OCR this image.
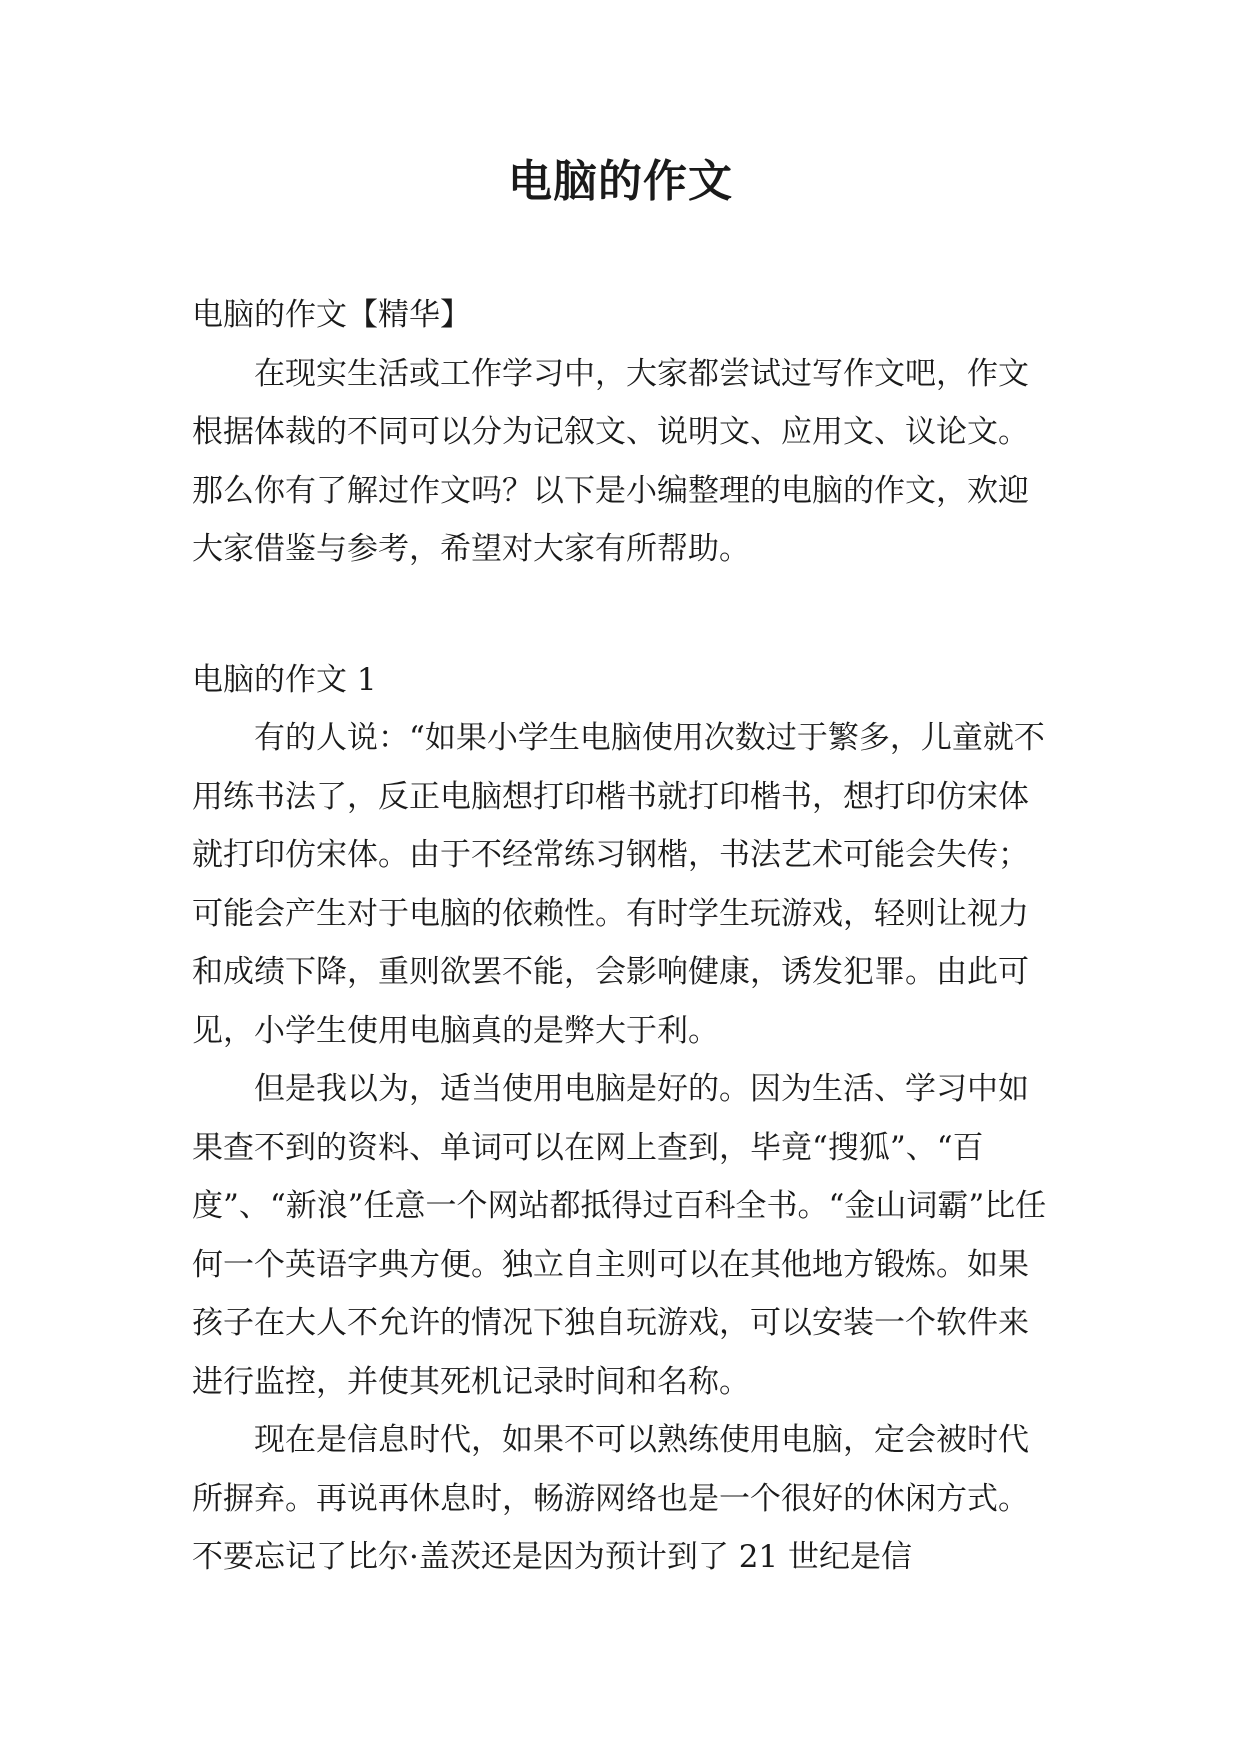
电脑的作文

电脑的作文【精华】

在现实生活或工作学习中，大家都尝试过写作文吧，作文根据体裁的不同可以分为记叙文、说明文、应用文、议论文。那么你有了解过作文吗？以下是小编整理的电脑的作文，欢迎大家借鉴与参考，希望对大家有所帮助。

电脑的作文 1

有的人说：“如果小学生电脑使用次数过于繁多，儿童就不用练书法了，反正电脑想打印楷书就打印楷书，想打印仿宋体就打印仿宋体。由于不经常练习钢楷，书法艺术可能会失传；可能会产生对于电脑的依赖性。有时学生玩游戏，轻则让视力和成绩下降，重则欲罢不能，会影响健康，诱发犯罪。由此可见，小学生使用电脑真的是弊大于利。

但是我以为，适当使用电脑是好的。因为生活、学习中如果查不到的资料、单词可以在网上查到，毕竟“搜狐”、“百度”、“新浪”任意一个网站都抵得过百科全书。“金山词霸”比任何一个英语字典方便。独立自主则可以在其他地方锻炼。如果孩子在大人不允许的情况下独自玩游戏，可以安装一个软件来进行监控，并使其死机记录时间和名称。

现在是信息时代，如果不可以熟练使用电脑，定会被时代所摒弃。再说再休息时，畅游网络也是一个很好的休闲方式。不要忘记了比尔·盖茨还是因为预计到了 21 世纪是信
